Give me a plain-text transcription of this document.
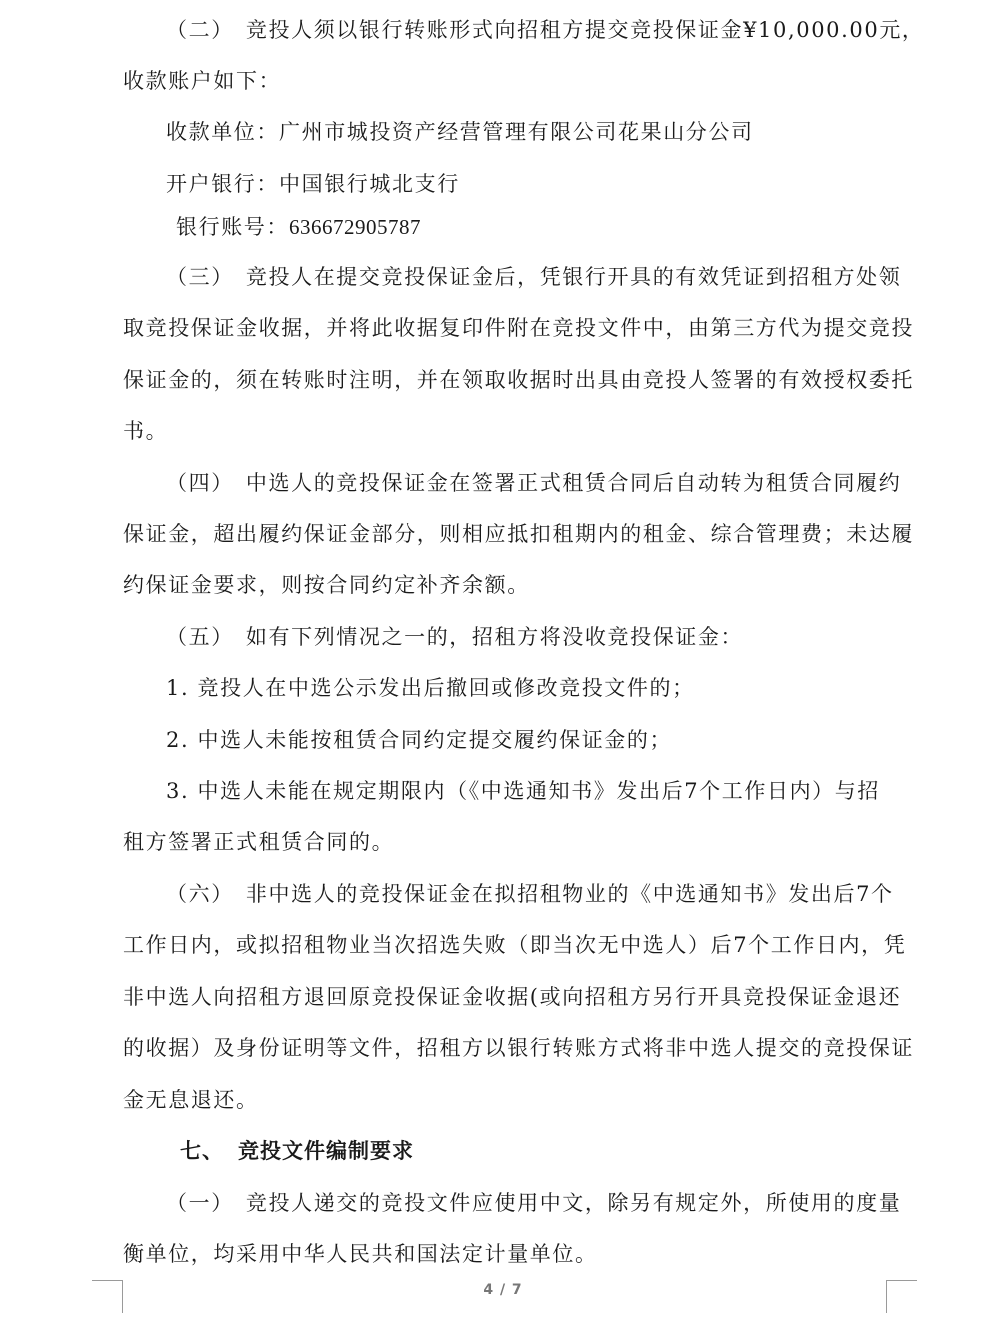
（二）　竞投人须以银行转账形式向招租方提交竞投保证金¥10,000.00元，
收款账户如下：
收款单位：广州市城投资产经营管理有限公司花果山分公司
开户银行：中国银行城北支行
银行账号：636672905787
（三）　竞投人在提交竞投保证金后，凭银行开具的有效凭证到招租方处领
取竞投保证金收据，并将此收据复印件附在竞投文件中，由第三方代为提交竞投
保证金的，须在转账时注明，并在领取收据时出具由竞投人签署的有效授权委托
书。
（四）　中选人的竞投保证金在签署正式租赁合同后自动转为租赁合同履约
保证金，超出履约保证金部分，则相应抵扣租期内的租金、综合管理费；未达履
约保证金要求，则按合同约定补齐余额。
（五）　如有下列情况之一的，招租方将没收竞投保证金：
1. 竞投人在中选公示发出后撤回或修改竞投文件的；
2. 中选人未能按租赁合同约定提交履约保证金的；
3. 中选人未能在规定期限内（《中选通知书》发出后7个工作日内）与招
租方签署正式租赁合同的。
（六）　非中选人的竞投保证金在拟招租物业的《中选通知书》发出后7个
工作日内，或拟招租物业当次招选失败（即当次无中选人）后7个工作日内，凭
非中选人向招租方退回原竞投保证金收据(或向招租方另行开具竞投保证金退还
的收据）及身份证明等文件，招租方以银行转账方式将非中选人提交的竞投保证
金无息退还。
七、 竞投文件编制要求
（一）　竞投人递交的竞投文件应使用中文，除另有规定外，所使用的度量
衡单位，均采用中华人民共和国法定计量单位。
4 / 7
